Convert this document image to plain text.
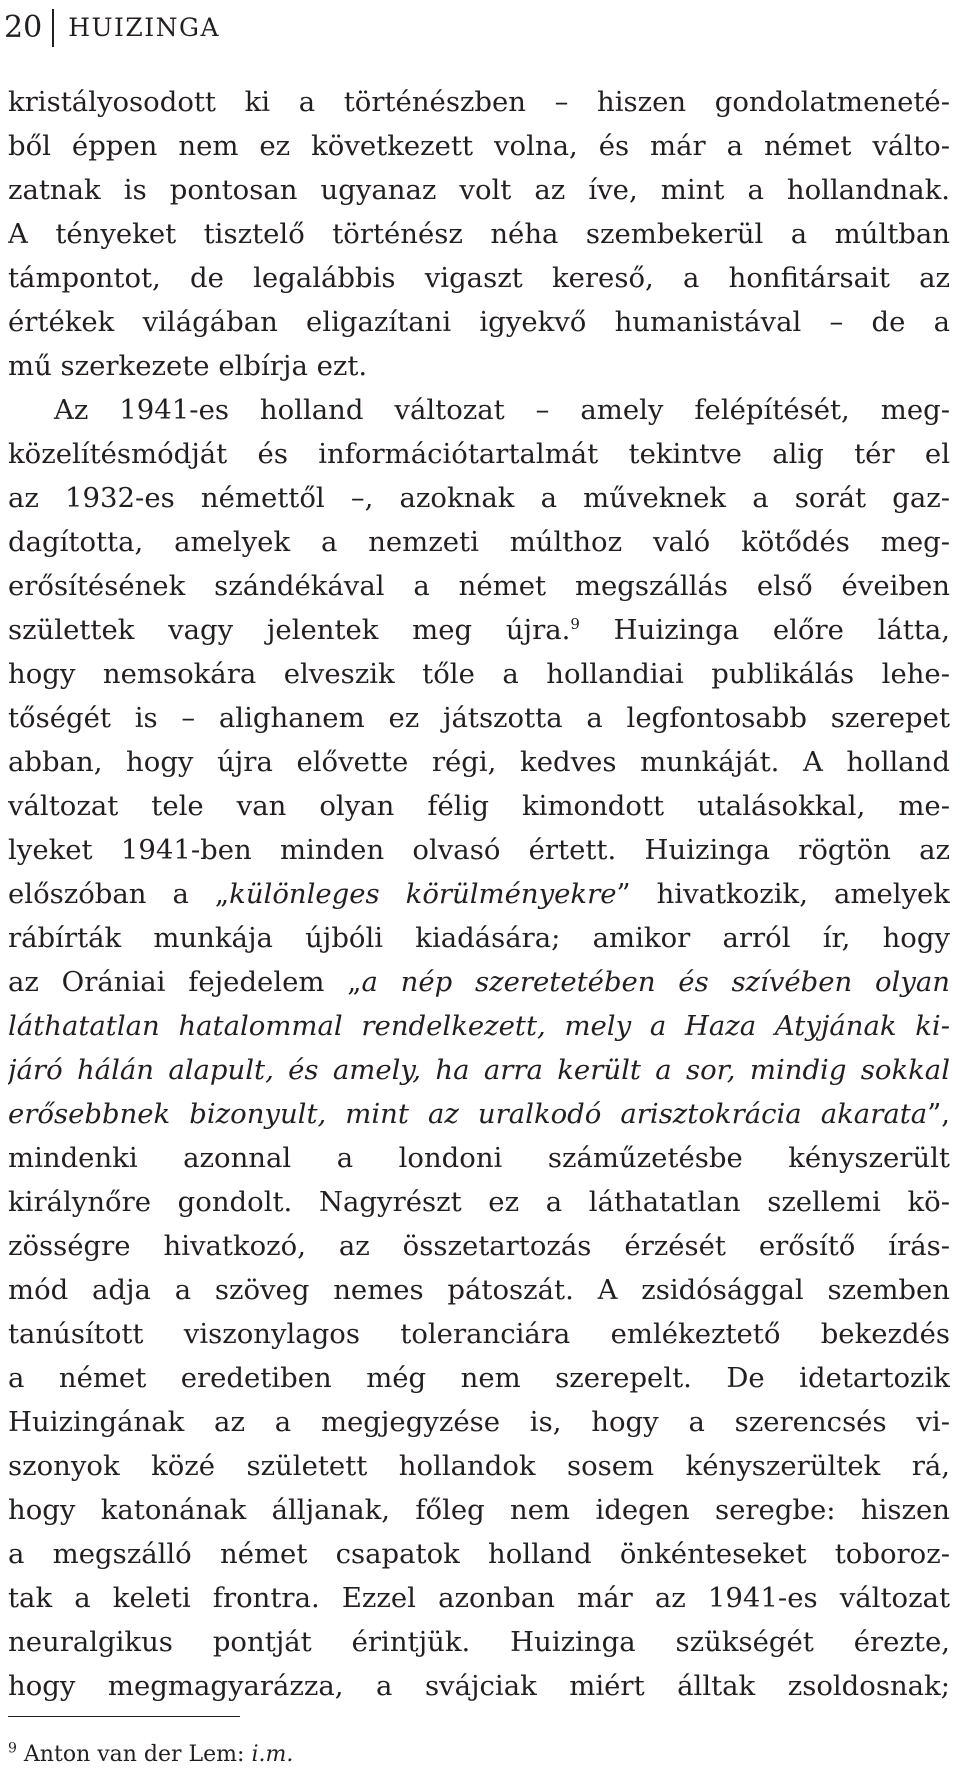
20	HUIZINGA
kristályosodott ki a történészben – hiszen gondolatmeneté-
ből éppen nem ez következett volna, és már a német válto-
zatnak is pontosan ugyanaz volt az íve, mint a hollandnak.
A tényeket tisztelő történész néha szembekerül a múltban
támpontot, de legalábbis vigaszt kereső, a honfitársait az
értékek világában eligazítani igyekvő humanistával – de a
mű szerkezete elbírja ezt.
Az 1941-es holland változat – amely felépítését, meg-
közelítésmódját és információtartalmát tekintve alig tér el
az 1932-es némettől –, azoknak a műveknek a sorát gaz-
dagította, amelyek a nemzeti múlthoz való kötődés meg-
erősítésének szándékával a német megszállás első éveiben
születtek vagy jelentek meg újra.$^9$ Huizinga előre látta,
hogy nemsokára elveszik tőle a hollandiai publikálás lehe-
tőségét is – alighanem ez játszotta a legfontosabb szerepet
abban, hogy újra elővette régi, kedves munkáját. A holland
változat tele van olyan félig kimondott utalásokkal, me-
lyeket 1941-ben minden olvasó értett. Huizinga rögtön az
előszóban a „különleges körülményekre” hivatkozik, amelyek
rábírták munkája újbóli kiadására; amikor arról ír, hogy
az Orániai fejedelem „a nép szeretetében és szívében olyan
láthatatlan hatalommal rendelkezett, mely a Haza Atyjának ki-
járó hálán alapult, és amely, ha arra került a sor, mindig sokkal
erősebbnek bizonyult, mint az uralkodó arisztokrácia akarata”,
mindenki azonnal a londoni száműzetésbe kényszerült
királynőre gondolt. Nagyrészt ez a láthatatlan szellemi kö-
zösségre hivatkozó, az összetartozás érzését erősítő írás-
mód adja a szöveg nemes pátoszát. A zsidósággal szemben
tanúsított viszonylagos toleranciára emlékeztető bekezdés
a német eredetiben még nem szerepelt. De idetartozik
Huizingának az a megjegyzése is, hogy a szerencsés vi-
szonyok közé született hollandok sosem kényszerültek rá,
hogy katonának álljanak, főleg nem idegen seregbe: hiszen
a megszálló német csapatok holland önkénteseket toboroz-
tak a keleti frontra. Ezzel azonban már az 1941-es változat
neuralgikus pontját érintjük. Huizinga szükségét érezte,
hogy megmagyarázza, a svájciak miért álltak zsoldosnak;
$^9$ Anton van der Lem: i.m.
